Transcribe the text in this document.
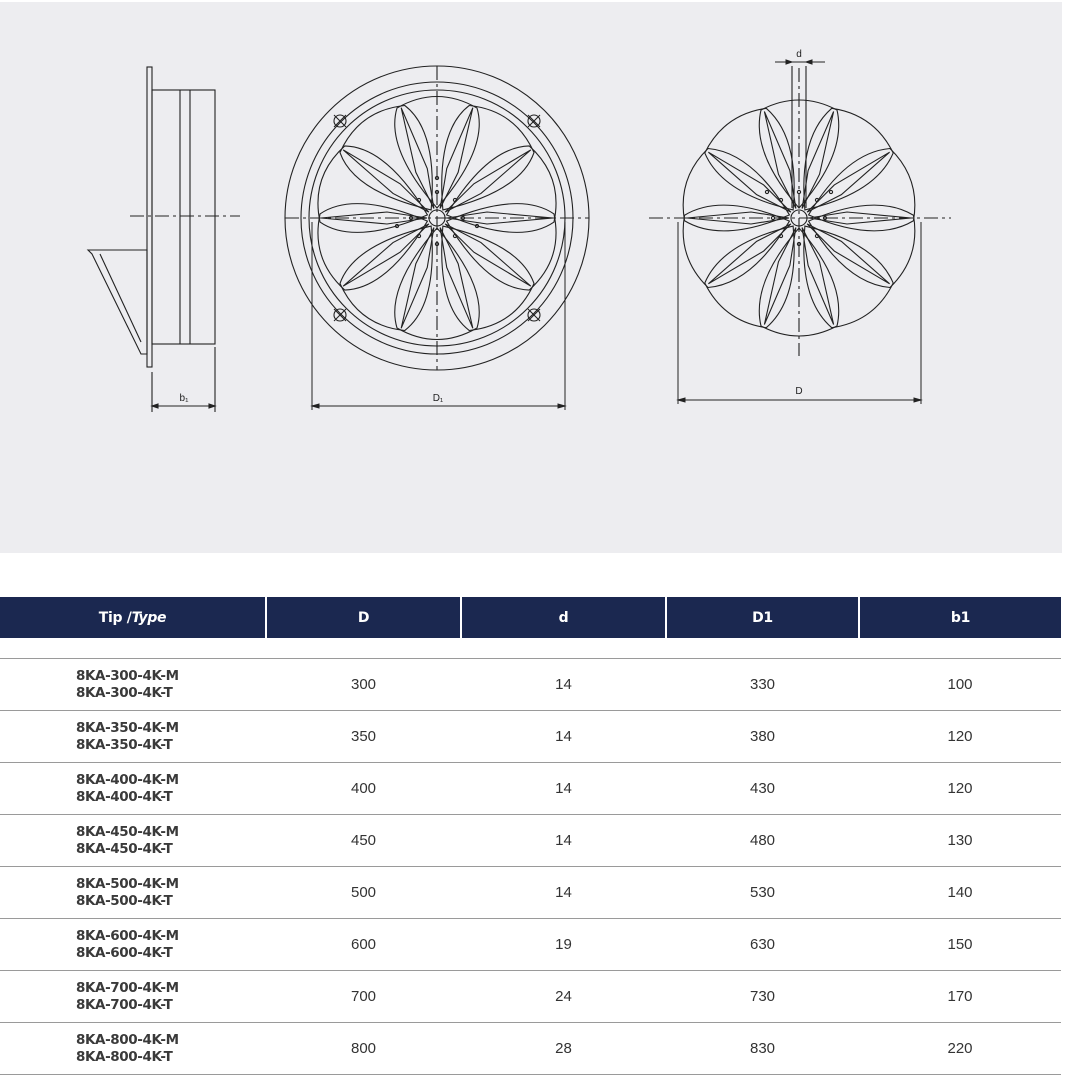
b₁	D₁
d
D
Tip /Type	D	d	D1	b1

8KA-300-4K-M
8KA-300-4K-T	300	14	330	100

8KA-350-4K-M
8KA-350-4K-T	350	14	380	120

8KA-400-4K-M
8KA-400-4K-T	400	14	430	120

8KA-450-4K-M
8KA-450-4K-T	450	14	480	130

8KA-500-4K-M
8KA-500-4K-T	500	14	530	140

8KA-600-4K-M
8KA-600-4K-T	600	19	630	150

8KA-700-4K-M
8KA-700-4K-T	700	24	730	170

8KA-800-4K-M
8KA-800-4K-T	800	28	830	220
